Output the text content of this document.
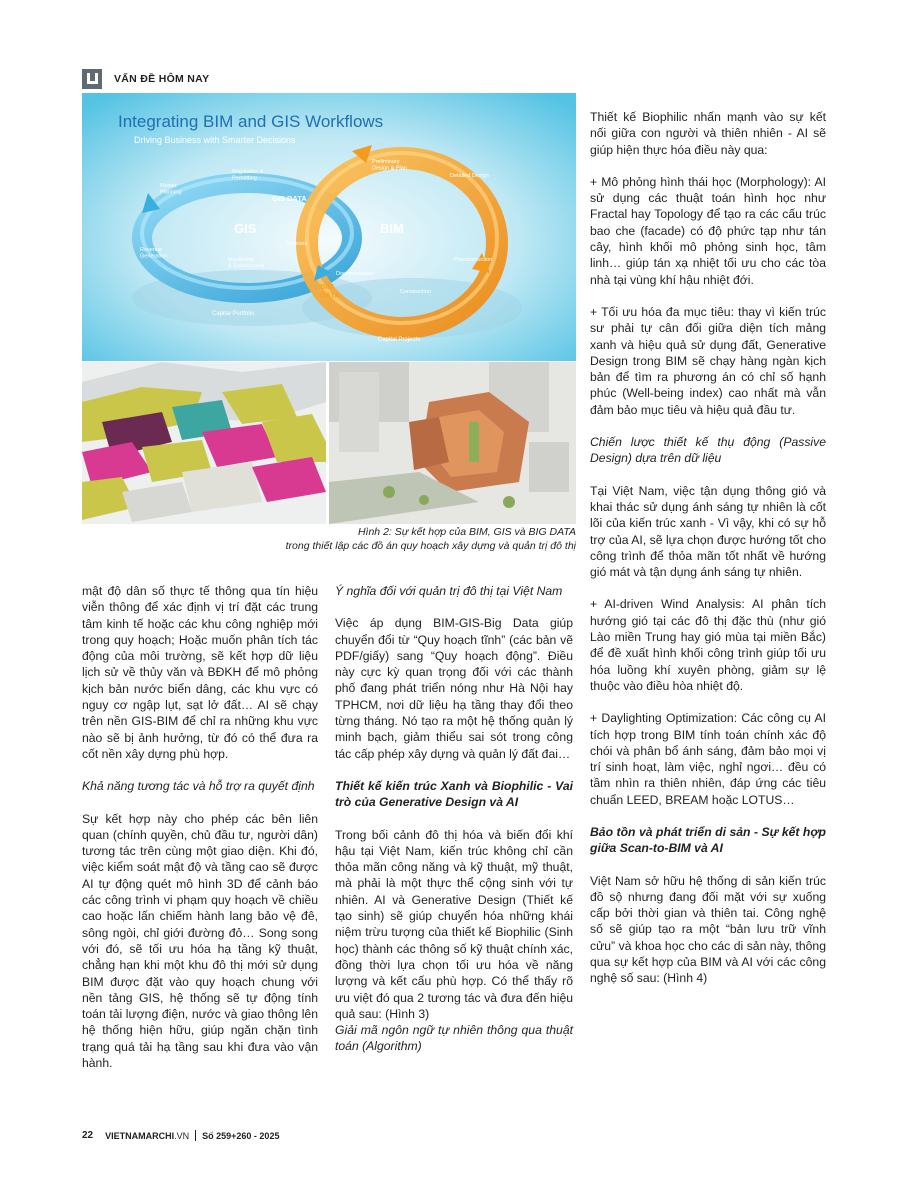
VẤN ĐỀ HÔM NAY
Integrating BIM and GIS Workflows
Driving Business with Smarter Decisions
GIS
GIS DATA
BIM
BIM DATA
Master Planning
Regulation & Permitting
Revenue Generation
Services
Monitoring & Enforcement
Preliminary Design & Plan
Detailed Design
Preconstruction
Construction
Documentation
Capital Portfolio
Capital Projects
Hình 2: Sự kết hợp của BIM, GIS và BIG DATA
trong thiết lập các đồ án quy hoạch xây dựng và quản trị đô thị

mật độ dân số thực tế thông qua tín hiệu viễn thông để xác định vị trí đặt các trung tâm kinh tế hoặc các khu công nghiệp mới trong quy hoạch; Hoặc muốn phân tích tác động của môi trường, sẽ kết hợp dữ liệu lịch sử về thủy văn và BĐKH để mô phỏng kịch bản nước biển dâng, các khu vực có nguy cơ ngập lụt, sạt lở đất… AI sẽ chạy trên nền GIS-BIM để chỉ ra những khu vực nào sẽ bị ảnh hưởng, từ đó có thể đưa ra cốt nền xây dựng phù hợp.

Khả năng tương tác và hỗ trợ ra quyết định

Sự kết hợp này cho phép các bên liên quan (chính quyền, chủ đầu tư, người dân) tương tác trên cùng một giao diện. Khi đó, việc kiểm soát mật độ và tầng cao sẽ được AI tự động quét mô hình 3D để cảnh báo các công trình vi phạm quy hoạch về chiều cao hoặc lấn chiếm hành lang bảo vệ đê, sông ngòi, chỉ giới đường đỏ… Song song với đó, sẽ tối ưu hóa hạ tầng kỹ thuật, chẳng hạn khi một khu đô thị mới sử dụng BIM được đặt vào quy hoạch chung với nền tảng GIS, hệ thống sẽ tự động tính toán tải lượng điện, nước và giao thông lên hệ thống hiện hữu, giúp ngăn chặn tình trạng quá tải hạ tầng sau khi đưa vào vận hành.

Ý nghĩa đối với quản trị đô thị tại Việt Nam

Việc áp dụng BIM-GIS-Big Data giúp chuyển đổi từ “Quy hoạch tĩnh” (các bản vẽ PDF/giấy) sang “Quy hoạch động”. Điều này cực kỳ quan trọng đối với các thành phố đang phát triển nóng như Hà Nội hay TPHCM, nơi dữ liệu hạ tầng thay đổi theo từng tháng. Nó tạo ra một hệ thống quản lý minh bạch, giảm thiểu sai sót trong công tác cấp phép xây dựng và quản lý đất đai…

Thiết kế kiến trúc Xanh và Biophilic - Vai trò của Generative Design và AI

Trong bối cảnh đô thị hóa và biến đổi khí hậu tại Việt Nam, kiến trúc không chỉ cần thỏa mãn công năng và kỹ thuật, mỹ thuật, mà phải là một thực thể cộng sinh với tự nhiên. AI và Generative Design (Thiết kế tạo sinh) sẽ giúp chuyển hóa những khái niệm trừu tượng của thiết kế Biophilic (Sinh học) thành các thông số kỹ thuật chính xác, đồng thời lựa chọn tối ưu hóa về năng lượng và kết cấu phù hợp. Có thể thấy rõ ưu việt đó qua 2 tương tác và đưa đến hiệu quả sau: (Hình 3)

Giải mã ngôn ngữ tự nhiên thông qua thuật toán (Algorithm)

Thiết kế Biophilic nhấn mạnh vào sự kết nối giữa con người và thiên nhiên - AI sẽ giúp hiện thực hóa điều này qua:

+ Mô phỏng hình thái học (Morphology): AI sử dụng các thuật toán hình học như Fractal hay Topology để tạo ra các cấu trúc bao che (facade) có độ phức tạp như tán cây, hình khối mô phỏng sinh học, tâm linh… giúp tán xạ nhiệt tối ưu cho các tòa nhà tại vùng khí hậu nhiệt đới.

+ Tối ưu hóa đa mục tiêu: thay vì kiến trúc sư phải tự cân đối giữa diện tích mảng xanh và hiệu quả sử dụng đất, Generative Design trong BIM sẽ chạy hàng ngàn kịch bản để tìm ra phương án có chỉ số hạnh phúc (Well-being index) cao nhất mà vẫn đảm bảo mục tiêu và hiệu quả đầu tư.

Chiến lược thiết kế thụ động (Passive Design) dựa trên dữ liệu

Tại Việt Nam, việc tận dụng thông gió và khai thác sử dụng ánh sáng tự nhiên là cốt lõi của kiến trúc xanh - Vì vậy, khi có sự hỗ trợ của AI, sẽ lựa chọn được hướng tốt cho công trình để thỏa mãn tốt nhất về hướng gió mát và tận dụng ánh sáng tự nhiên.

+ AI-driven Wind Analysis: AI phân tích hướng gió tại các đô thị đặc thù (như gió Lào miền Trung hay gió mùa tại miền Bắc) để đề xuất hình khối công trình giúp tối ưu hóa luồng khí xuyên phòng, giảm sự lệ thuộc vào điều hòa nhiệt độ.

+ Daylighting Optimization: Các công cụ AI tích hợp trong BIM tính toán chính xác độ chói và phân bổ ánh sáng, đảm bảo mọi vị trí sinh hoạt, làm việc, nghỉ ngơi… đều có tầm nhìn ra thiên nhiên, đáp ứng các tiêu chuẩn LEED, BREAM hoặc LOTUS…

Bảo tồn và phát triển di sản - Sự kết hợp giữa Scan-to-BIM và AI

Việt Nam sở hữu hệ thống di sản kiến trúc đồ sộ nhưng đang đối mặt với sự xuống cấp bởi thời gian và thiên tai. Công nghệ số sẽ giúp tạo ra một “bản lưu trữ vĩnh cửu” và khoa học cho các di sản này, thông qua sự kết hợp của BIM và AI với các công nghệ số sau: (Hình 4)

22 VIETNAMARCHI.VN Số 259+260 - 2025
